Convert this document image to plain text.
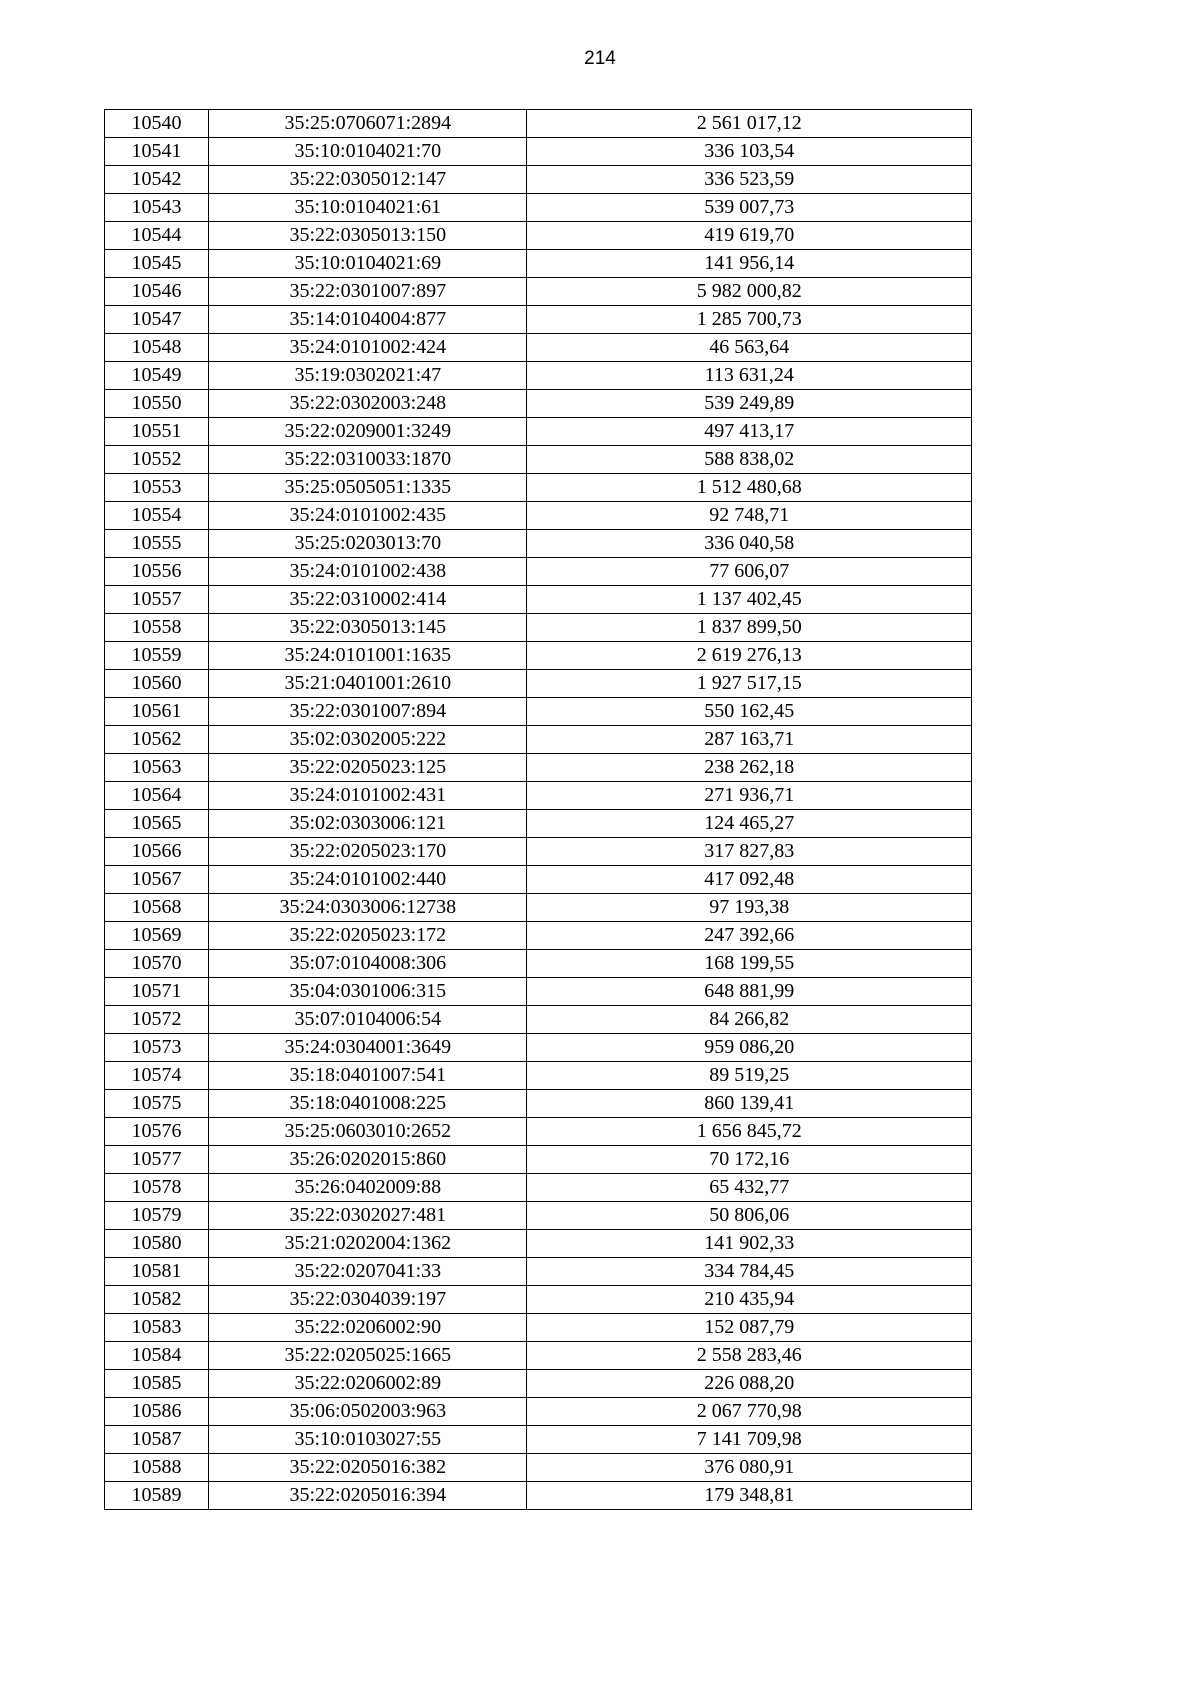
214
10540	35:25:0706071:2894	2 561 017,12
10541	35:10:0104021:70	336 103,54
10542	35:22:0305012:147	336 523,59
10543	35:10:0104021:61	539 007,73
10544	35:22:0305013:150	419 619,70
10545	35:10:0104021:69	141 956,14
10546	35:22:0301007:897	5 982 000,82
10547	35:14:0104004:877	1 285 700,73
10548	35:24:0101002:424	46 563,64
10549	35:19:0302021:47	113 631,24
10550	35:22:0302003:248	539 249,89
10551	35:22:0209001:3249	497 413,17
10552	35:22:0310033:1870	588 838,02
10553	35:25:0505051:1335	1 512 480,68
10554	35:24:0101002:435	92 748,71
10555	35:25:0203013:70	336 040,58
10556	35:24:0101002:438	77 606,07
10557	35:22:0310002:414	1 137 402,45
10558	35:22:0305013:145	1 837 899,50
10559	35:24:0101001:1635	2 619 276,13
10560	35:21:0401001:2610	1 927 517,15
10561	35:22:0301007:894	550 162,45
10562	35:02:0302005:222	287 163,71
10563	35:22:0205023:125	238 262,18
10564	35:24:0101002:431	271 936,71
10565	35:02:0303006:121	124 465,27
10566	35:22:0205023:170	317 827,83
10567	35:24:0101002:440	417 092,48
10568	35:24:0303006:12738	97 193,38
10569	35:22:0205023:172	247 392,66
10570	35:07:0104008:306	168 199,55
10571	35:04:0301006:315	648 881,99
10572	35:07:0104006:54	84 266,82
10573	35:24:0304001:3649	959 086,20
10574	35:18:0401007:541	89 519,25
10575	35:18:0401008:225	860 139,41
10576	35:25:0603010:2652	1 656 845,72
10577	35:26:0202015:860	70 172,16
10578	35:26:0402009:88	65 432,77
10579	35:22:0302027:481	50 806,06
10580	35:21:0202004:1362	141 902,33
10581	35:22:0207041:33	334 784,45
10582	35:22:0304039:197	210 435,94
10583	35:22:0206002:90	152 087,79
10584	35:22:0205025:1665	2 558 283,46
10585	35:22:0206002:89	226 088,20
10586	35:06:0502003:963	2 067 770,98
10587	35:10:0103027:55	7 141 709,98
10588	35:22:0205016:382	376 080,91
10589	35:22:0205016:394	179 348,81
